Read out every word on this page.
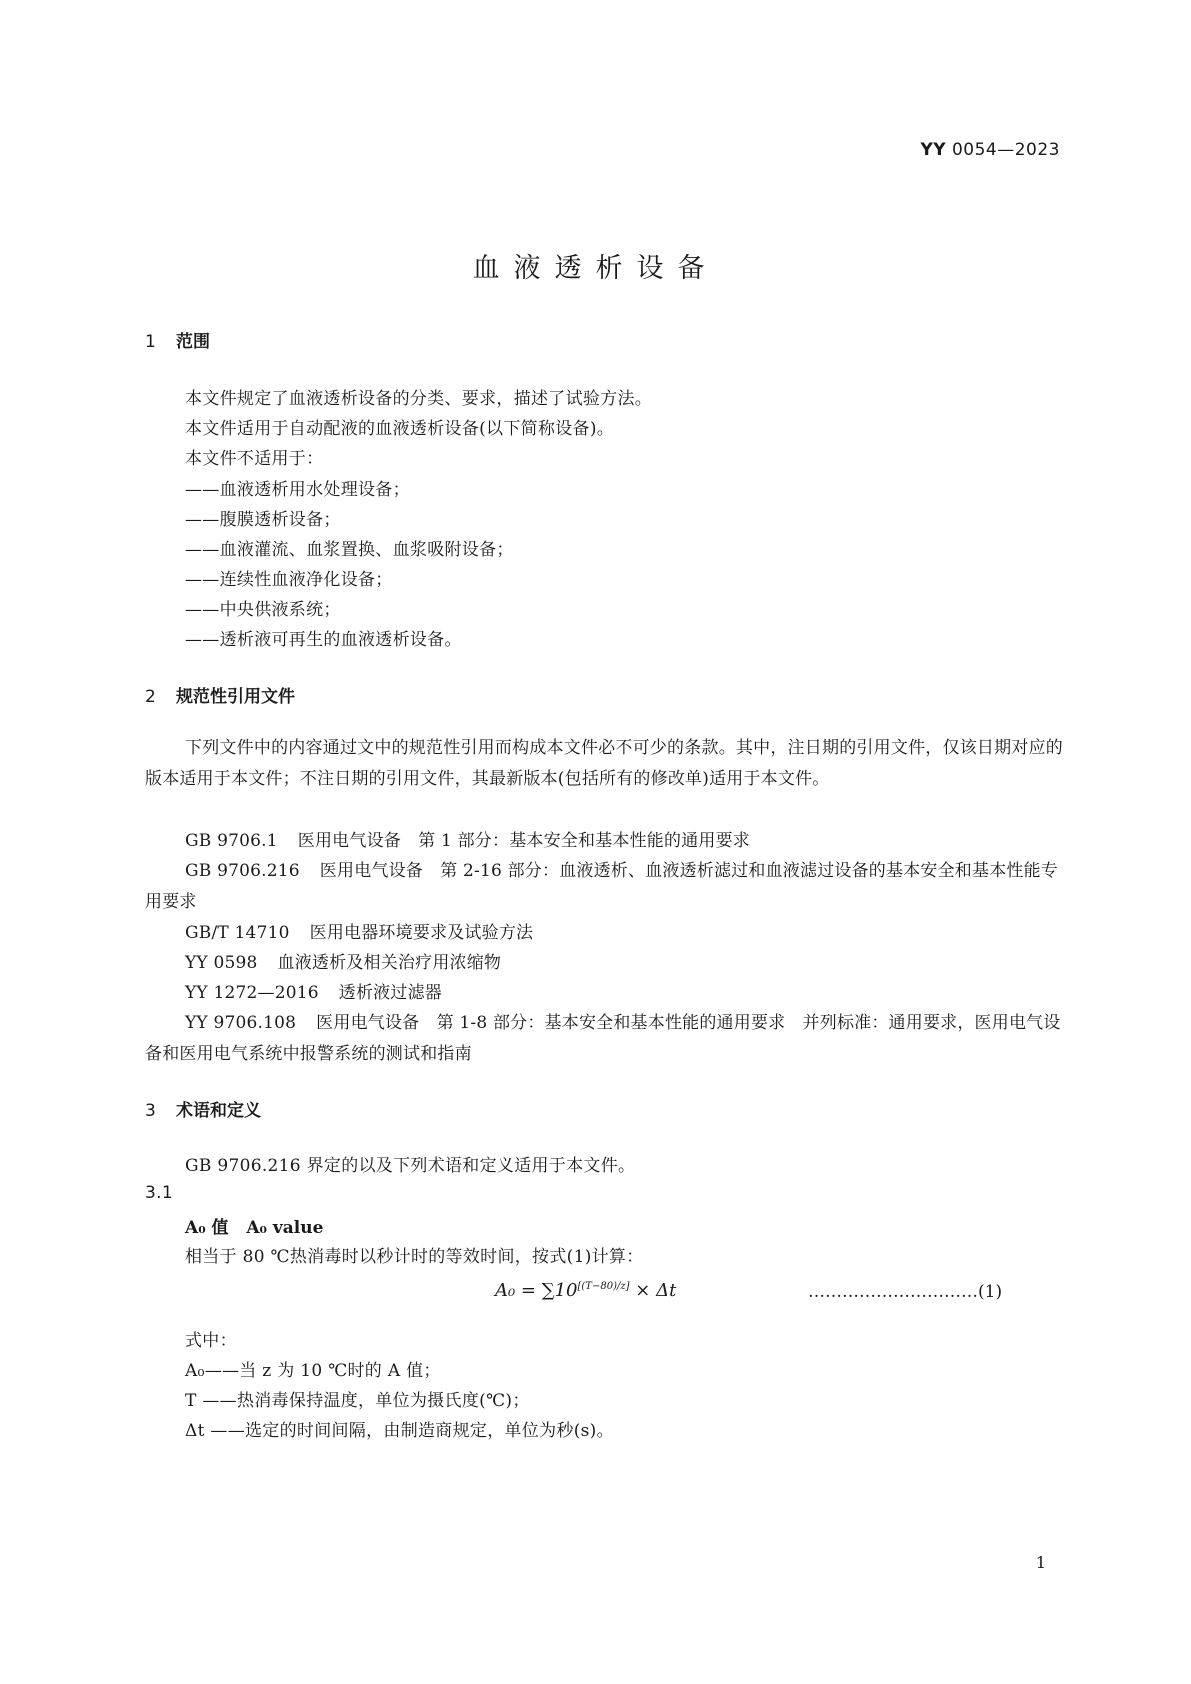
YY 0054—2023
血液透析设备
1 范围
本文件规定了血液透析设备的分类、要求，描述了试验方法。
本文件适用于自动配液的血液透析设备(以下简称设备)。
本文件不适用于：
——血液透析用水处理设备；
——腹膜透析设备；
——血液灌流、血浆置换、血浆吸附设备；
——连续性血液净化设备；
——中央供液系统；
——透析液可再生的血液透析设备。
2 规范性引用文件
下列文件中的内容通过文中的规范性引用而构成本文件必不可少的条款。其中，注日期的引用文件，仅该日期对应的版本适用于本文件；不注日期的引用文件，其最新版本(包括所有的修改单)适用于本文件。
GB 9706.1 医用电气设备　第 1 部分：基本安全和基本性能的通用要求
GB 9706.216 医用电气设备　第 2-16 部分：血液透析、血液透析滤过和血液滤过设备的基本安全和基本性能专用要求
GB/T 14710 医用电器环境要求及试验方法
YY 0598 血液透析及相关治疗用浓缩物
YY 1272—2016 透析液过滤器
YY 9706.108 医用电气设备　第 1-8 部分：基本安全和基本性能的通用要求　并列标准：通用要求，医用电气设备和医用电气系统中报警系统的测试和指南
3 术语和定义
GB 9706.216 界定的以及下列术语和定义适用于本文件。
3.1
A₀ 值 A₀ value
相当于 80 ℃热消毒时以秒计时的等效时间，按式(1)计算：
A₀ = ∑10[(T−80)/z] × Δt	…………………………(1)
式中：
A₀——当 z 为 10 ℃时的 A 值；
T ——热消毒保持温度，单位为摄氏度(℃)；
Δt ——选定的时间间隔，由制造商规定，单位为秒(s)。
1
